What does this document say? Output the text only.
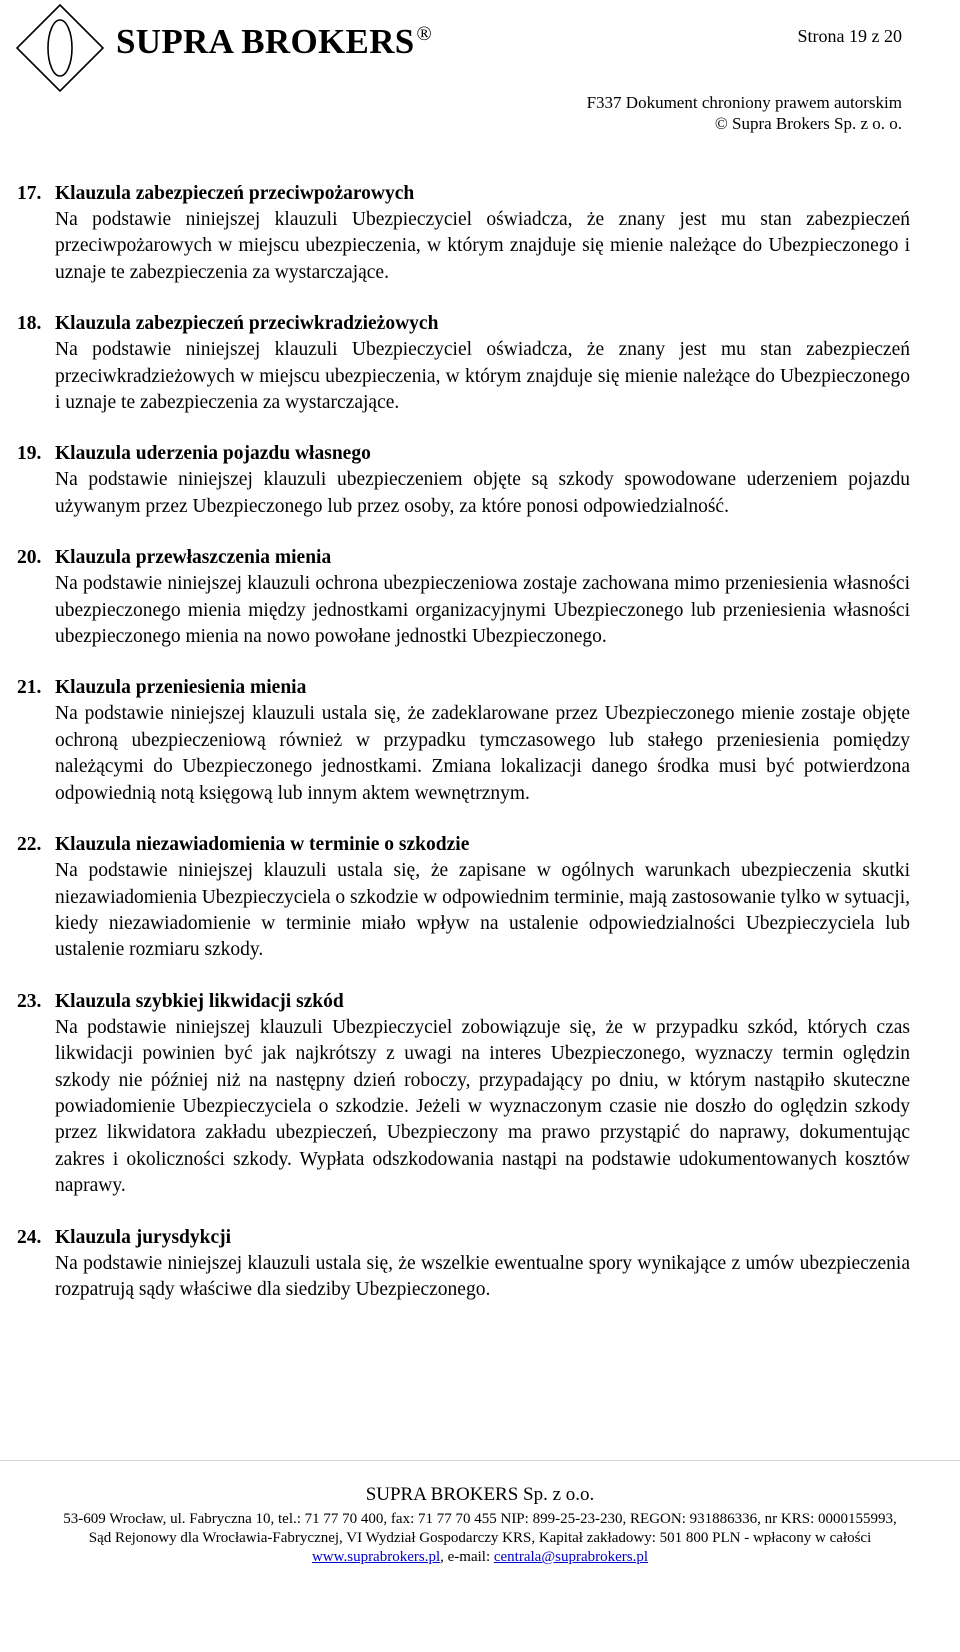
SUPRA BROKERS ®	Strona 19 z 20
F337 Dokument chroniony prawem autorskim
© Supra Brokers Sp. z o. o.
17. Klauzula zabezpieczeń przeciwpożarowych
Na podstawie niniejszej klauzuli Ubezpieczyciel oświadcza, że znany jest mu stan zabezpieczeń przeciwpożarowych w miejscu ubezpieczenia, w którym znajduje się mienie należące do Ubezpieczonego i uznaje te zabezpieczenia za wystarczające.
18. Klauzula zabezpieczeń przeciwkradzieżowych
Na podstawie niniejszej klauzuli Ubezpieczyciel oświadcza, że znany jest mu stan zabezpieczeń przeciwkradzieżowych w miejscu ubezpieczenia, w którym znajduje się mienie należące do Ubezpieczonego i uznaje te zabezpieczenia za wystarczające.
19. Klauzula uderzenia pojazdu własnego
Na podstawie niniejszej klauzuli ubezpieczeniem objęte są szkody spowodowane uderzeniem pojazdu używanym przez Ubezpieczonego lub przez osoby, za które ponosi odpowiedzialność.
20. Klauzula przewłaszczenia mienia
Na podstawie niniejszej klauzuli ochrona ubezpieczeniowa zostaje zachowana mimo przeniesienia własności ubezpieczonego mienia między jednostkami organizacyjnymi Ubezpieczonego lub przeniesienia własności ubezpieczonego mienia na nowo powołane jednostki Ubezpieczonego.
21. Klauzula przeniesienia mienia
Na podstawie niniejszej klauzuli ustala się, że zadeklarowane przez Ubezpieczonego mienie zostaje objęte ochroną ubezpieczeniową również w przypadku tymczasowego lub stałego przeniesienia pomiędzy należącymi do Ubezpieczonego jednostkami. Zmiana lokalizacji danego środka musi być potwierdzona odpowiednią notą księgową lub innym aktem wewnętrznym.
22. Klauzula niezawiadomienia w terminie o szkodzie
Na podstawie niniejszej klauzuli ustala się, że zapisane w ogólnych warunkach ubezpieczenia skutki niezawiadomienia Ubezpieczyciela o szkodzie w odpowiednim terminie, mają zastosowanie tylko w sytuacji, kiedy niezawiadomienie w terminie miało wpływ na ustalenie odpowiedzialności Ubezpieczyciela lub ustalenie rozmiaru szkody.
23. Klauzula szybkiej likwidacji szkód
Na podstawie niniejszej klauzuli Ubezpieczyciel zobowiązuje się, że w przypadku szkód, których czas likwidacji powinien być jak najkrótszy z uwagi na interes Ubezpieczonego, wyznaczy termin oględzin szkody nie później niż na następny dzień roboczy, przypadający po dniu, w którym nastąpiło skuteczne powiadomienie Ubezpieczyciela o szkodzie. Jeżeli w wyznaczonym czasie nie doszło do oględzin szkody przez likwidatora zakładu ubezpieczeń, Ubezpieczony ma prawo przystąpić do naprawy, dokumentując zakres i okoliczności szkody. Wypłata odszkodowania nastąpi na podstawie udokumentowanych kosztów naprawy.
24. Klauzula jurysdykcji
Na podstawie niniejszej klauzuli ustala się, że wszelkie ewentualne spory wynikające z umów ubezpieczenia rozpatrują sądy właściwe dla siedziby Ubezpieczonego.
SUPRA BROKERS Sp. z o.o.
53-609 Wrocław, ul. Fabryczna 10, tel.: 71 77 70 400, fax: 71 77 70 455 NIP: 899-25-23-230, REGON: 931886336, nr KRS: 0000155993,
Sąd Rejonowy dla Wrocławia-Fabrycznej, VI Wydział Gospodarczy KRS, Kapitał zakładowy: 501 800 PLN - wpłacony w całości
www.suprabrokers.pl, e-mail: centrala@suprabrokers.pl
